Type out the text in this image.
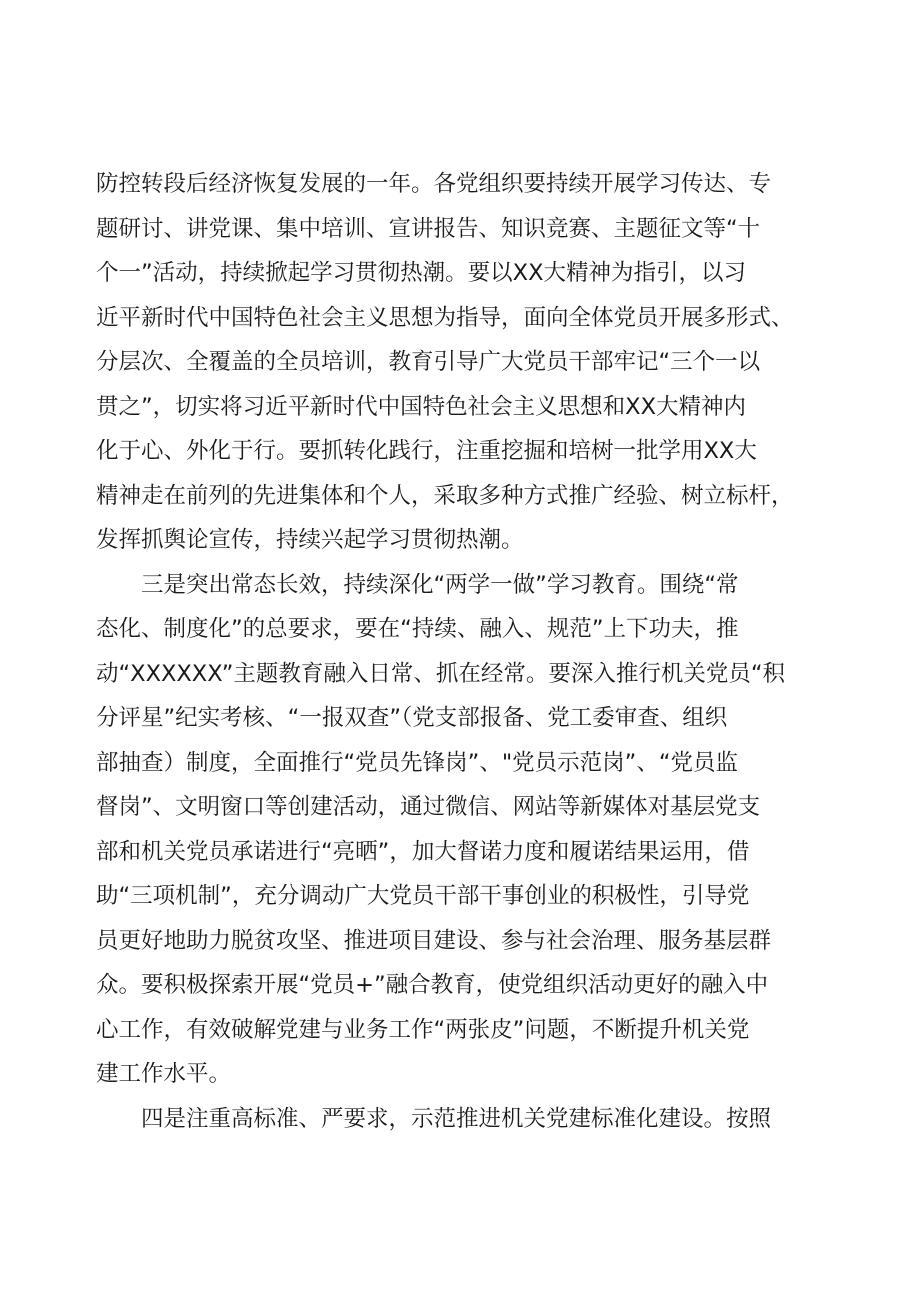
防控转段后经济恢复发展的一年。各党组织要持续开展学习传达、专

题研讨、讲党课、集中培训、宣讲报告、知识竞赛、主题征文等“十

个一”活动，持续掀起学习贯彻热潮。要以XX大精神为指引，以习

近平新时代中国特色社会主义思想为指导，面向全体党员开展多形式、

分层次、全覆盖的全员培训，教育引导广大党员干部牢记“三个一以

贯之”，切实将习近平新时代中国特色社会主义思想和XX大精神内

化于心、外化于行。要抓转化践行，注重挖掘和培树一批学用XX大

精神走在前列的先进集体和个人，采取多种方式推广经验、树立标杆，

发挥抓舆论宣传，持续兴起学习贯彻热潮。

　　三是突出常态长效，持续深化“两学一做”学习教育。围绕“常

态化、制度化”的总要求，要在“持续、融入、规范”上下功夫，推

动“XXXXXX”主题教育融入日常、抓在经常。要深入推行机关党员“积

分评星”纪实考核、“一报双查”（党支部报备、党工委审查、组织

部抽查）制度，全面推行“党员先锋岗”、"党员示范岗”、“党员监

督岗”、文明窗口等创建活动，通过微信、网站等新媒体对基层党支

部和机关党员承诺进行“亮晒”，加大督诺力度和履诺结果运用，借

助“三项机制”，充分调动广大党员干部干事创业的积极性，引导党

员更好地助力脱贫攻坚、推进项目建设、参与社会治理、服务基层群

众。要积极探索开展“党员+”融合教育，使党组织活动更好的融入中

心工作，有效破解党建与业务工作“两张皮”问题，不断提升机关党

建工作水平。

　　四是注重高标准、严要求，示范推进机关党建标准化建设。按照
